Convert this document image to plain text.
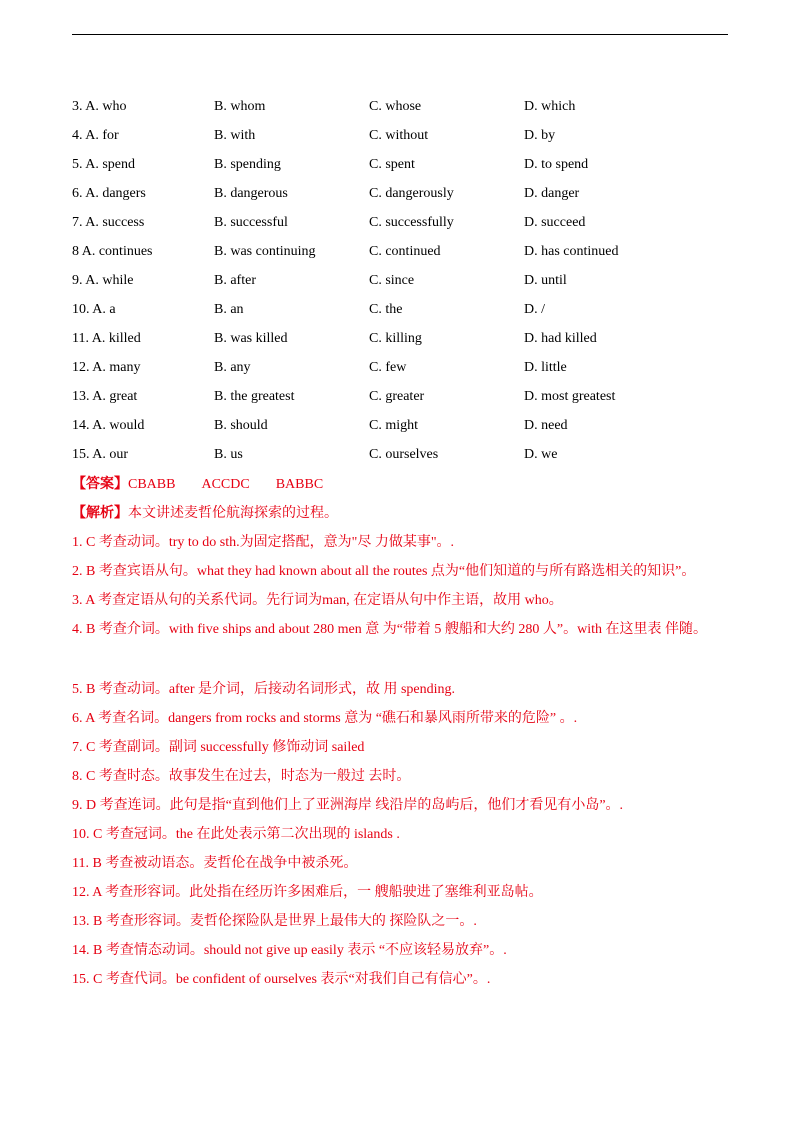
3. A. who	B. whom	C. whose	D. which
4. A. for	B. with	C. without	D. by
5. A. spend	B. spending	C. spent	D. to spend
6. A. dangers	B. dangerous	C. dangerously	D. danger
7. A. success	B. successful	C. successfully	D. succeed
8 A. continues	B. was continuing	C. continued	D. has continued
9. A. while	B. after	C. since	D. until
10. A. a	B. an	C. the	D. /
11. A. killed	B. was killed	C. killing	D. had killed
12. A. many	B. any	C. few	D. little
13. A. great	B. the greatest	C. greater	D. most greatest
14. A. would	B. should	C. might	D. need
15. A. our	B. us	C. ourselves	D. we
【答案】CBABB ACCDC BABBC
【解析】本文讲述麦哲伦航海探索的过程。
1. C 考查动词。try to do sth.为固定搭配，意为"尽 力做某事"。.
2. B 考查宾语从句。what they had known about all the routes 点为“他们知道的与所有路选相关的知识”。
3. A 考查定语从句的关系代词。先行词为man, 在定语从句中作主语，故用 who。
4. B 考查介词。with five ships and about 280 men 意 为“带着 5 艘船和大约 280 人”。with 在这里表 伴随。
5. B 考查动词。after 是介词，后接动名词形式，故 用 spending.
6. A 考查名词。dangers from rocks and storms 意为 “礁石和暴风雨所带来的危险” 。.
7. C 考查副词。副词 successfully 修饰动词 sailed
8. C 考查时态。故事发生在过去，时态为一般过 去时。
9. D 考查连词。此句是指“直到他们上了亚洲海岸 线沿岸的岛屿后，他们才看见有小岛”。.
10. C 考查冠词。the 在此处表示第二次出现的 islands .
11. B 考查被动语态。麦哲伦在战争中被杀死。
12. A 考查形容词。此处指在经历许多困难后，一 艘船驶进了塞维利亚岛帖。
13. B 考查形容词。麦哲伦探险队是世界上最伟大的 探险队之一。.
14. B 考查情态动词。should not give up easily 表示 “不应该轻易放弃”。.
15. C 考查代词。be confident of ourselves 表示“对我们自己有信心”。.
